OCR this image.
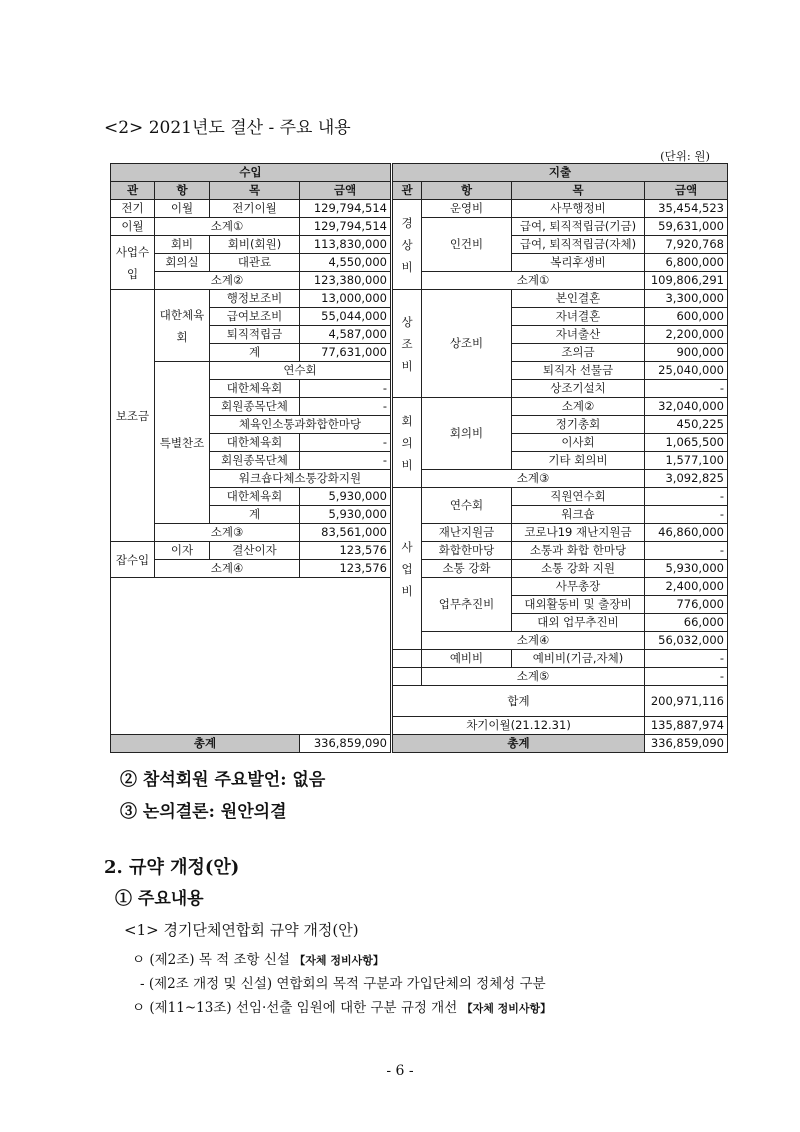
<2> 2021년도 결산 - 주요 내용
(단위: 원)
수입				지출			
관	항	목	금액	관	항	목	금액
전기	이월	전기이월	129,794,514	경상비	운영비	사무행정비	35,454,523
이월	소계①		129,794,514		인건비	급여, 퇴직적립금(기금)	59,631,000
사업수입	회비	회비(회원)	113,830,000			급여, 퇴직적립금(자체)	7,920,768
	회의실	대관료	4,550,000			복리후생비	6,800,000
	소계②		123,380,000		소계①		109,806,291
보조금	대한체육회	행정보조비	13,000,000	상조비	상조비	본인결혼	3,300,000
		급여보조비	55,044,000			자녀결혼	600,000
		퇴직적립금	4,587,000			자녀출산	2,200,000
		계	77,631,000			조의금	900,000
	특별찬조	연수회				퇴직자 선물금	25,040,000
		대한체육회	-			상조기설치	-
		회원종목단체	-	회의비	회의비	소계②	32,040,000
		체육인소통과화합한마당				정기총회	450,225
		대한체육회	-			이사회	1,065,500
		회원종목단체	-			기타 회의비	1,577,100
		워크숍다체소통강화지원			소계③		3,092,825
		대한체육회	5,930,000	사업비	연수회	직원연수회	-
		계	5,930,000			워크숍	-
	소계③		83,561,000		재난지원금	코로나19 재난지원금	46,860,000
잡수입	이자	결산이자	123,576		화합한마당	소통과 화합 한마당	-
	소계④		123,576		소통 강화	소통 강화 지원	5,930,000
					업무추진비	사무총장	2,400,000
						대외활동비 및 출장비	776,000
						대외 업무추진비	66,000
					소계④		56,032,000
					예비비	예비비(기금,자체)	-
					소계⑤		-
				합계			200,971,116
				차기이월(21.12.31)			135,887,974
총계			336,859,090	총계			336,859,090
② 참석회원 주요발언: 없음
③ 논의결론: 원안의결
2. 규약 개정(안)
① 주요내용
<1> 경기단체연합회 규약 개정(안)
ㅇ (제2조) 목 적 조항 신설 【자체 정비사항】
- (제2조 개정 및 신설) 연합회의 목적 구분과 가입단체의 정체성 구분
ㅇ (제11~13조) 선임·선출 임원에 대한 구분 규정 개선 【자체 정비사항】
- 6 -
